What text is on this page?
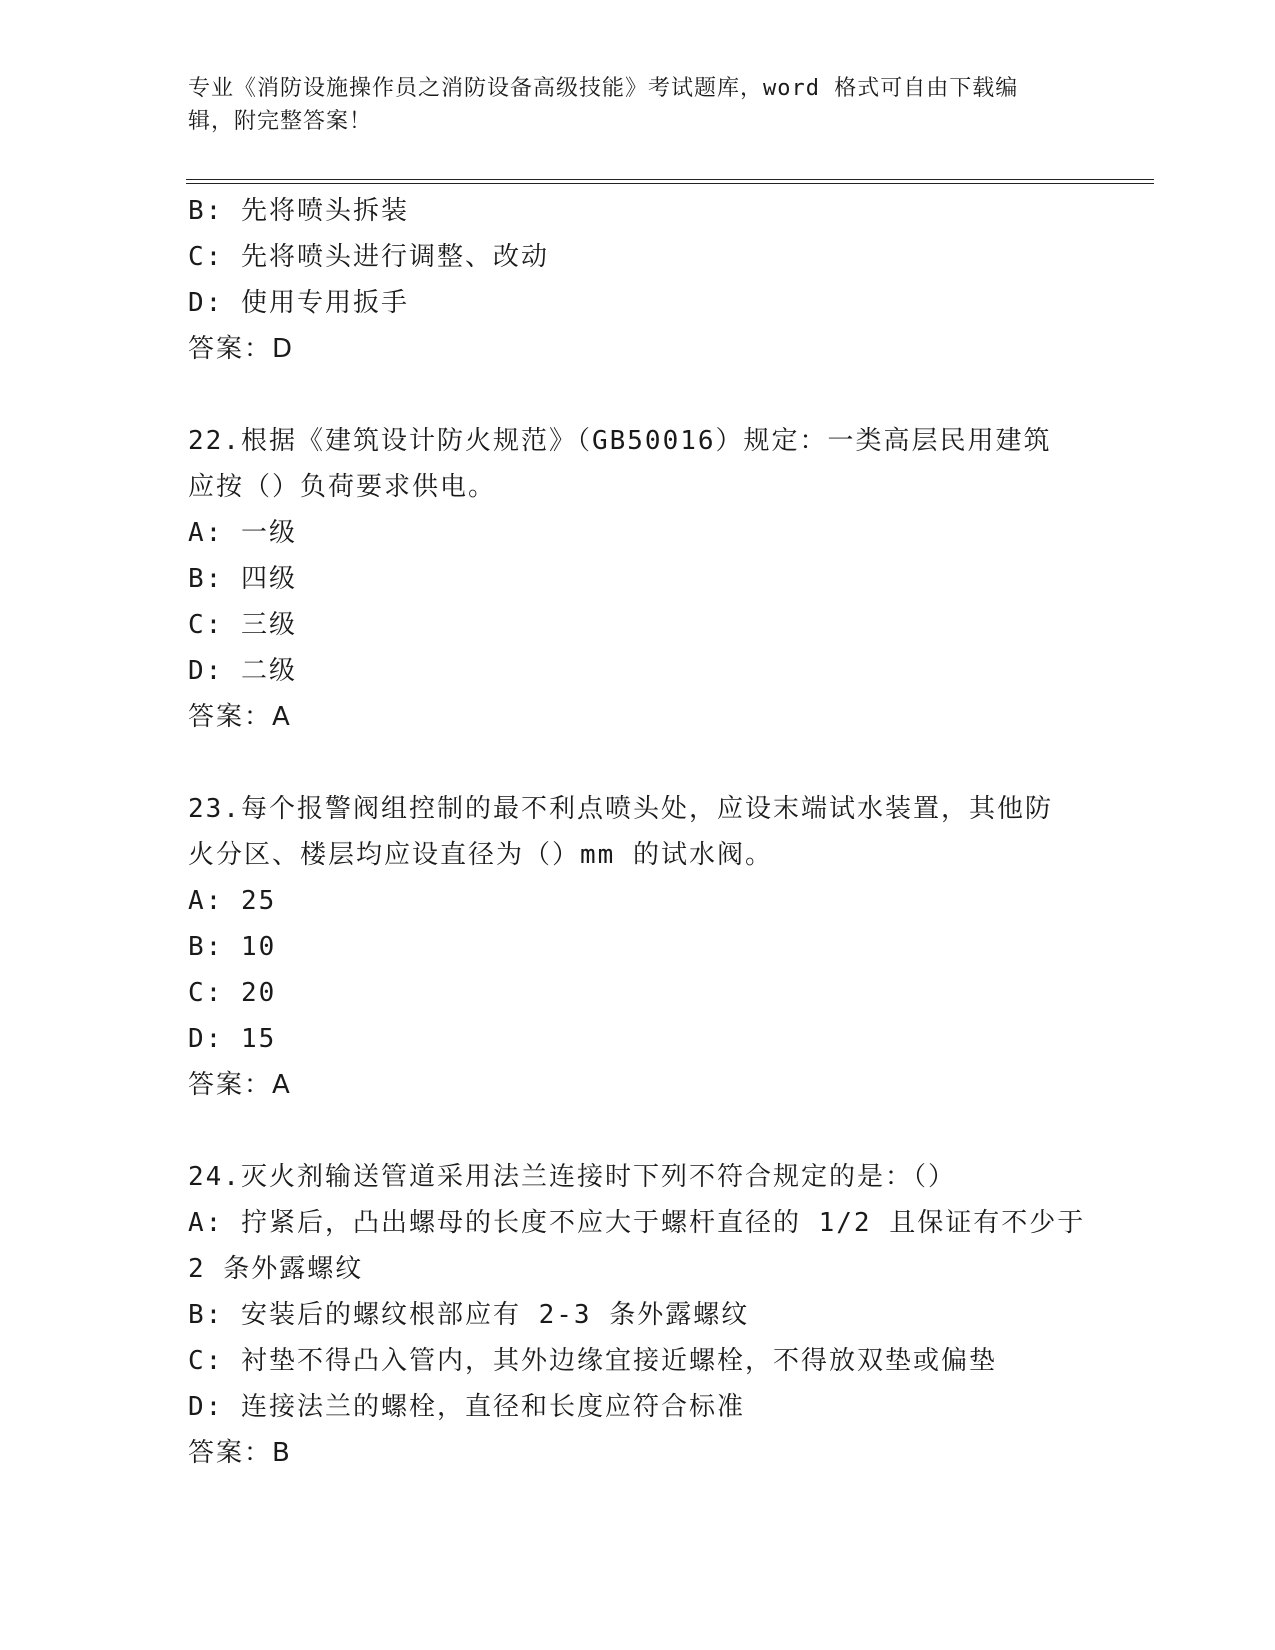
专业《消防设施操作员之消防设备高级技能》考试题库，word 格式可自由下载编
辑，附完整答案！
B: 先将喷头拆装
C: 先将喷头进行调整、改动
D: 使用专用扳手
答案：D
22.根据《建筑设计防火规范》（GB50016）规定：一类高层民用建筑
应按（）负荷要求供电。
A: 一级
B: 四级
C: 三级
D: 二级
答案：A
23.每个报警阀组控制的最不利点喷头处，应设末端试水装置，其他防
火分区、楼层均应设直径为（）mm 的试水阀。
A: 25
B: 10
C: 20
D: 15
答案：A
24.灭火剂输送管道采用法兰连接时下列不符合规定的是：（）
A: 拧紧后，凸出螺母的长度不应大于螺杆直径的 1/2 且保证有不少于
2 条外露螺纹
B: 安装后的螺纹根部应有 2-3 条外露螺纹
C: 衬垫不得凸入管内，其外边缘宜接近螺栓，不得放双垫或偏垫
D: 连接法兰的螺栓，直径和长度应符合标准
答案：B
